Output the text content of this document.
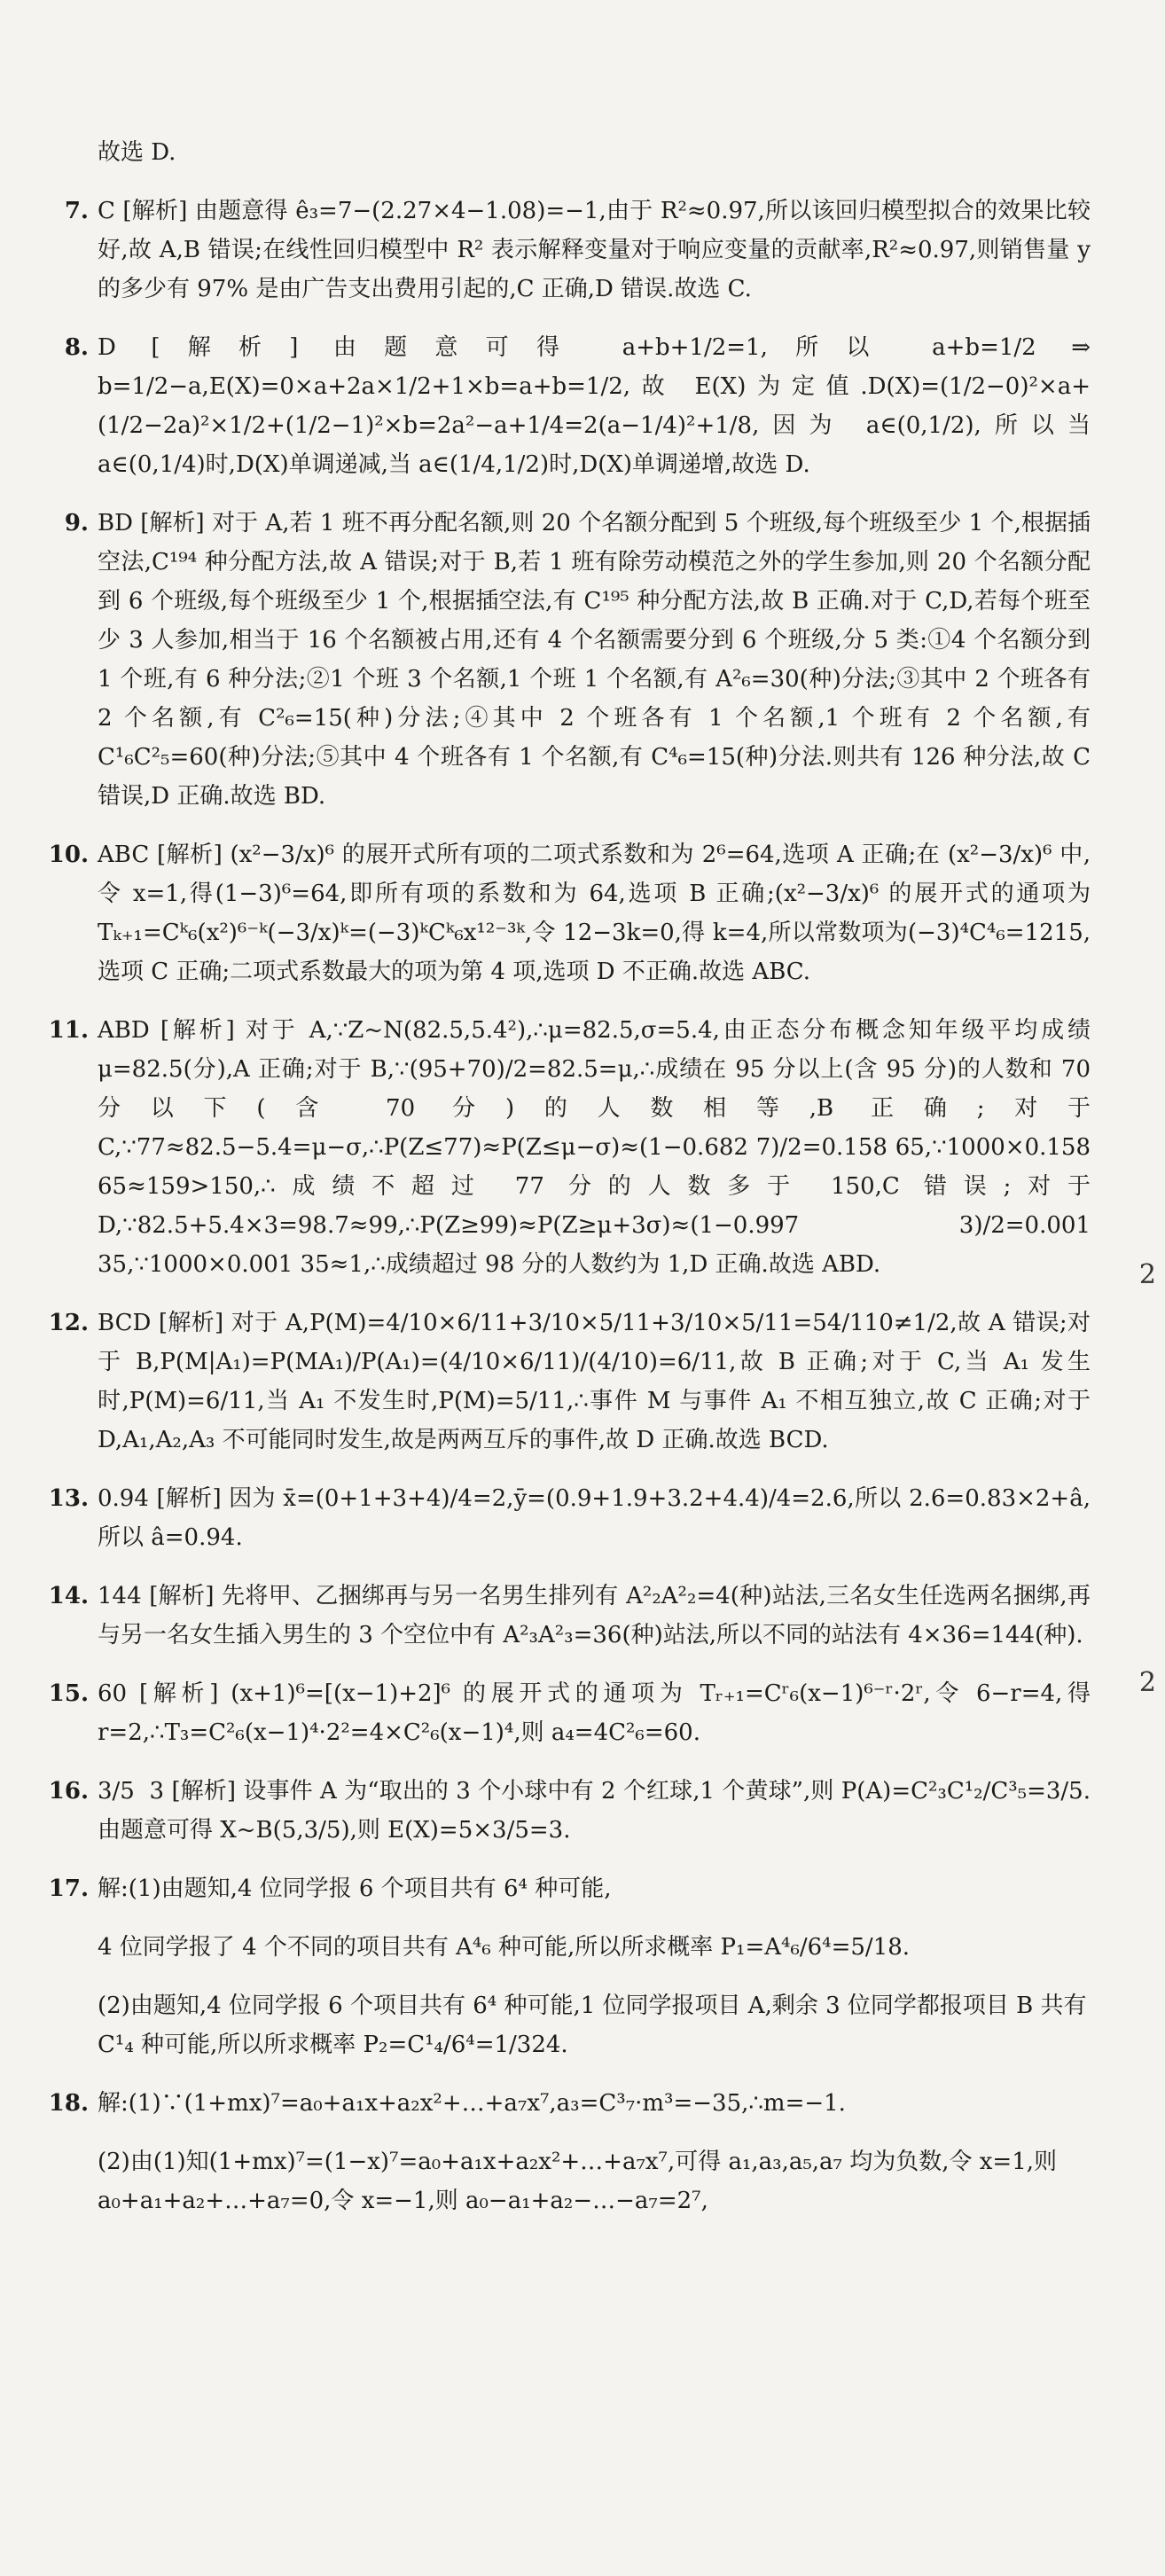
故选 D.
7. C [解析] 由题意得 ê₃=7−(2.27×4−1.08)=−1,由于 R²≈0.97,所以该回归模型拟合的效果比较好,故 A,B 错误;在线性回归模型中 R² 表示解释变量对于响应变量的贡献率,R²≈0.97,则销售量 y 的多少有 97% 是由广告支出费用引起的,C 正确,D 错误.故选 C.
8. D [解析] 由题意可得 a+b+1/2=1,所以 a+b=1/2 ⇒ b=1/2−a,E(X)=0×a+2a×1/2+1×b=a+b=1/2,故 E(X)为定值.D(X)=(1/2−0)²×a+(1/2−2a)²×1/2+(1/2−1)²×b=2a²−a+1/4=2(a−1/4)²+1/8,因为 a∈(0,1/2),所以当 a∈(0,1/4)时,D(X)单调递减,当 a∈(1/4,1/2)时,D(X)单调递增,故选 D.
9. BD [解析] 对于 A,若 1 班不再分配名额,则 20 个名额分配到 5 个班级,每个班级至少 1 个,根据插空法,C¹⁹⁴ 种分配方法,故 A 错误;对于 B,若 1 班有除劳动模范之外的学生参加,则 20 个名额分配到 6 个班级,每个班级至少 1 个,根据插空法,有 C¹⁹⁵ 种分配方法,故 B 正确.对于 C,D,若每个班至少 3 人参加,相当于 16 个名额被占用,还有 4 个名额需要分到 6 个班级,分 5 类:①4 个名额分到 1 个班,有 6 种分法;②1 个班 3 个名额,1 个班 1 个名额,有 A²₆=30(种)分法;③其中 2 个班各有 2 个名额,有 C²₆=15(种)分法;④其中 2 个班各有 1 个名额,1 个班有 2 个名额,有 C¹₆C²₅=60(种)分法;⑤其中 4 个班各有 1 个名额,有 C⁴₆=15(种)分法.则共有 126 种分法,故 C 错误,D 正确.故选 BD.
10. ABC [解析] (x²−3/x)⁶ 的展开式所有项的二项式系数和为 2⁶=64,选项 A 正确;在 (x²−3/x)⁶ 中,令 x=1,得(1−3)⁶=64,即所有项的系数和为 64,选项 B 正确;(x²−3/x)⁶ 的展开式的通项为 Tₖ₊₁=Cᵏ₆(x²)⁶⁻ᵏ(−3/x)ᵏ=(−3)ᵏCᵏ₆x¹²⁻³ᵏ,令 12−3k=0,得 k=4,所以常数项为(−3)⁴C⁴₆=1215,选项 C 正确;二项式系数最大的项为第 4 项,选项 D 不正确.故选 ABC.
11. ABD [解析] 对于 A,∵Z~N(82.5,5.4²),∴μ=82.5,σ=5.4,由正态分布概念知年级平均成绩 μ=82.5(分),A 正确;对于 B,∵(95+70)/2=82.5=μ,∴成绩在 95 分以上(含 95 分)的人数和 70 分以下(含 70 分)的人数相等,B 正确;对于 C,∵77≈82.5−5.4=μ−σ,∴P(Z≤77)≈P(Z≤μ−σ)≈(1−0.682 7)/2=0.158 65,∵1000×0.158 65≈159>150,∴成绩不超过 77 分的人数多于 150,C 错误;对于 D,∵82.5+5.4×3=98.7≈99,∴P(Z≥99)≈P(Z≥μ+3σ)≈(1−0.997 3)/2=0.001 35,∵1000×0.001 35≈1,∴成绩超过 98 分的人数约为 1,D 正确.故选 ABD.
12. BCD [解析] 对于 A,P(M)=4/10×6/11+3/10×5/11+3/10×5/11=54/110≠1/2,故 A 错误;对于 B,P(M|A₁)=P(MA₁)/P(A₁)=(4/10×6/11)/(4/10)=6/11,故 B 正确;对于 C,当 A₁ 发生时,P(M)=6/11,当 A₁ 不发生时,P(M)=5/11,∴事件 M 与事件 A₁ 不相互独立,故 C 正确;对于 D,A₁,A₂,A₃ 不可能同时发生,故是两两互斥的事件,故 D 正确.故选 BCD.
13. 0.94 [解析] 因为 x̄=(0+1+3+4)/4=2,ȳ=(0.9+1.9+3.2+4.4)/4=2.6,所以 2.6=0.83×2+â,所以 â=0.94.
14. 144 [解析] 先将甲、乙捆绑再与另一名男生排列有 A²₂A²₂=4(种)站法,三名女生任选两名捆绑,再与另一名女生插入男生的 3 个空位中有 A²₃A²₃=36(种)站法,所以不同的站法有 4×36=144(种).
15. 60 [解析] (x+1)⁶=[(x−1)+2]⁶ 的展开式的通项为 Tᵣ₊₁=Cʳ₆(x−1)⁶⁻ʳ·2ʳ,令 6−r=4,得 r=2,∴T₃=C²₆(x−1)⁴·2²=4×C²₆(x−1)⁴,则 a₄=4C²₆=60.
16. 3/5  3 [解析] 设事件 A 为“取出的 3 个小球中有 2 个红球,1 个黄球”,则 P(A)=C²₃C¹₂/C³₅=3/5.由题意可得 X~B(5,3/5),则 E(X)=5×3/5=3.
17. 解:(1)由题知,4 位同学报 6 个项目共有 6⁴ 种可能,
4 位同学报了 4 个不同的项目共有 A⁴₆ 种可能,所以所求概率 P₁=A⁴₆/6⁴=5/18.
(2)由题知,4 位同学报 6 个项目共有 6⁴ 种可能,1 位同学报项目 A,剩余 3 位同学都报项目 B 共有 C¹₄ 种可能,所以所求概率 P₂=C¹₄/6⁴=1/324.
18. 解:(1)∵(1+mx)⁷=a₀+a₁x+a₂x²+…+a₇x⁷,a₃=C³₇·m³=−35,∴m=−1.
(2)由(1)知(1+mx)⁷=(1−x)⁷=a₀+a₁x+a₂x²+…+a₇x⁷,可得 a₁,a₃,a₅,a₇ 均为负数,令 x=1,则 a₀+a₁+a₂+…+a₇=0,令 x=−1,则 a₀−a₁+a₂−…−a₇=2⁷,
2
2
